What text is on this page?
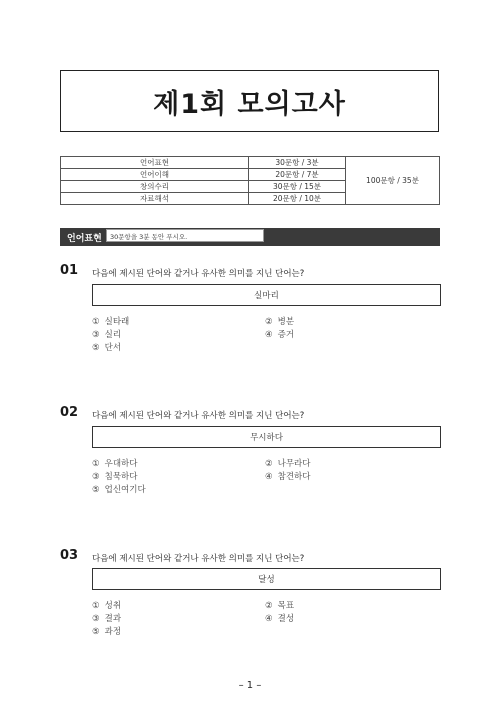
제1회 모의고사
언어표현	30문항 / 3분	100문항 / 35분
언어이해	20문항 / 7분	
창의수리	30문항 / 15분	
자료해석	20문항 / 10분	
언어표현	30문항을 3분 동안 푸시오.
01 다음에 제시된 단어와 같거나 유사한 의미를 지닌 단어는?
실마리
① 실타래	② 병분
③ 실리	④ 증거
⑤ 단서
02 다음에 제시된 단어와 같거나 유사한 의미를 지닌 단어는?
무시하다
① 우대하다	② 나무라다
③ 침묵하다	④ 참견하다
⑤ 업신여기다
03 다음에 제시된 단어와 같거나 유사한 의미를 지닌 단어는?
달성
① 성취	② 목표
③ 결과	④ 결성
⑤ 과정
– 1 –
